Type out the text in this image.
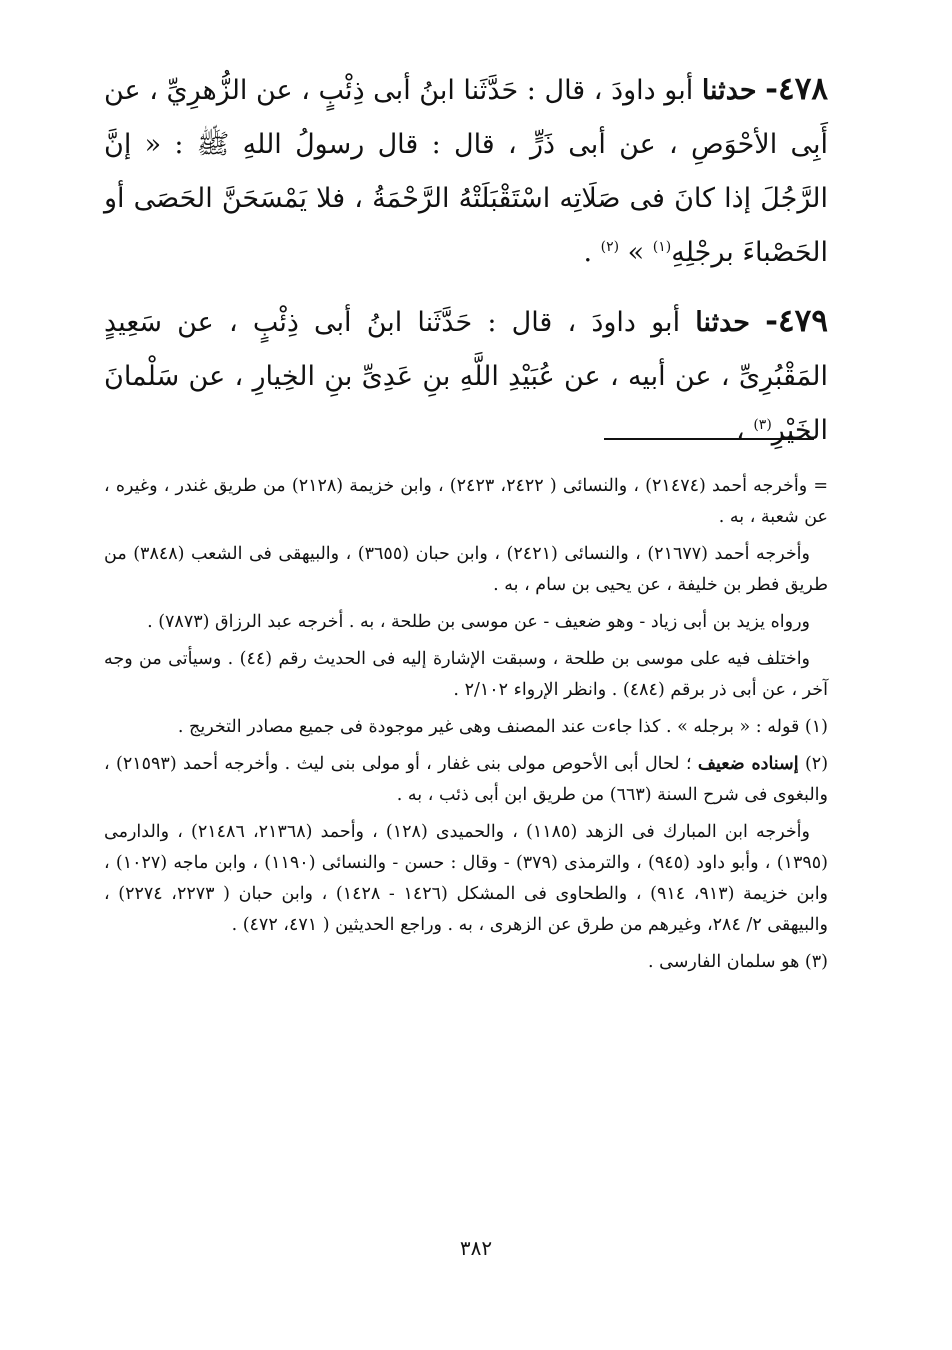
٤٧٨- حدثنا أبو داودَ ، قال : حَدَّثَنا ابنُ أبى ذِئْبٍ ، عن الزُّهرِيِّ ، عن أَبِى الأحْوَصِ ، عن أبى ذَرٍّ ، قال : قال رسولُ اللهِ ﷺ : « إنَّ الرَّجُلَ إذا كانَ فى صَلَاتِه اسْتَقْبَلَتْهُ الرَّحْمَةُ ، فلا يَمْسَحَنَّ الحَصَى أو الحَصْباءَ برجْلِهِ$^{(١)}$ » $^{(٢)}$ .

٤٧٩- حدثنا أبو داودَ ، قال : حَدَّثَنا ابنُ أبى ذِئْبٍ ، عن سَعِيدٍ المَقْبُرِىِّ ، عن أبيه ، عن عُبَيْدِ اللَّهِ بنِ عَدِىِّ بنِ الخِيارِ ، عن سَلْمانَ الخَيْرِ$^{(٣)}$ ،

= وأخرجه أحمد (٢١٤٧٤) ، والنسائى ( ٢٤٢٢، ٢٤٢٣) ، وابن خزيمة (٢١٢٨) من طريق غندر ، وغيره ، عن شعبة ، به .

وأخرجه أحمد (٢١٦٧٧) ، والنسائى (٢٤٢١) ، وابن حبان (٣٦٥٥) ، والبيهقى فى الشعب (٣٨٤٨) من طريق فطر بن خليفة ، عن يحيى بن سام ، به .

ورواه يزيد بن أبى زياد - وهو ضعيف - عن موسى بن طلحة ، به . أخرجه عبد الرزاق (٧٨٧٣) .

واختلف فيه على موسى بن طلحة ، وسبقت الإشارة إليه فى الحديث رقم (٤٤) . وسيأتى من وجه آخر ، عن أبى ذر برقم (٤٨٤) . وانظر الإرواء ٢/١٠٢ .

(١) قوله : « برجله » . كذا جاءت عند المصنف وهى غير موجودة فى جميع مصادر التخريج .

(٢) إسناده ضعيف ؛ لحال أبى الأحوص مولى بنى غفار ، أو مولى بنى ليث . وأخرجه أحمد (٢١٥٩٣) ، والبغوى فى شرح السنة (٦٦٣) من طريق ابن أبى ذئب ، به .

وأخرجه ابن المبارك فى الزهد (١١٨٥) ، والحميدى (١٢٨) ، وأحمد (٢١٣٦٨، ٢١٤٨٦) ، والدارمى (١٣٩٥) ، وأبو داود (٩٤٥) ، والترمذى (٣٧٩) - وقال : حسن - والنسائى (١١٩٠) ، وابن ماجه (١٠٢٧) ، وابن خزيمة (٩١٣، ٩١٤) ، والطحاوى فى المشكل (١٤٢٦ - ١٤٢٨) ، وابن حبان ( ٢٢٧٣، ٢٢٧٤) ، والبيهقى ٢/ ٢٨٤، وغيرهم من طرق عن الزهرى ، به . وراجع الحديثين ( ٤٧١، ٤٧٢) .

(٣) هو سلمان الفارسى .

٣٨٢
